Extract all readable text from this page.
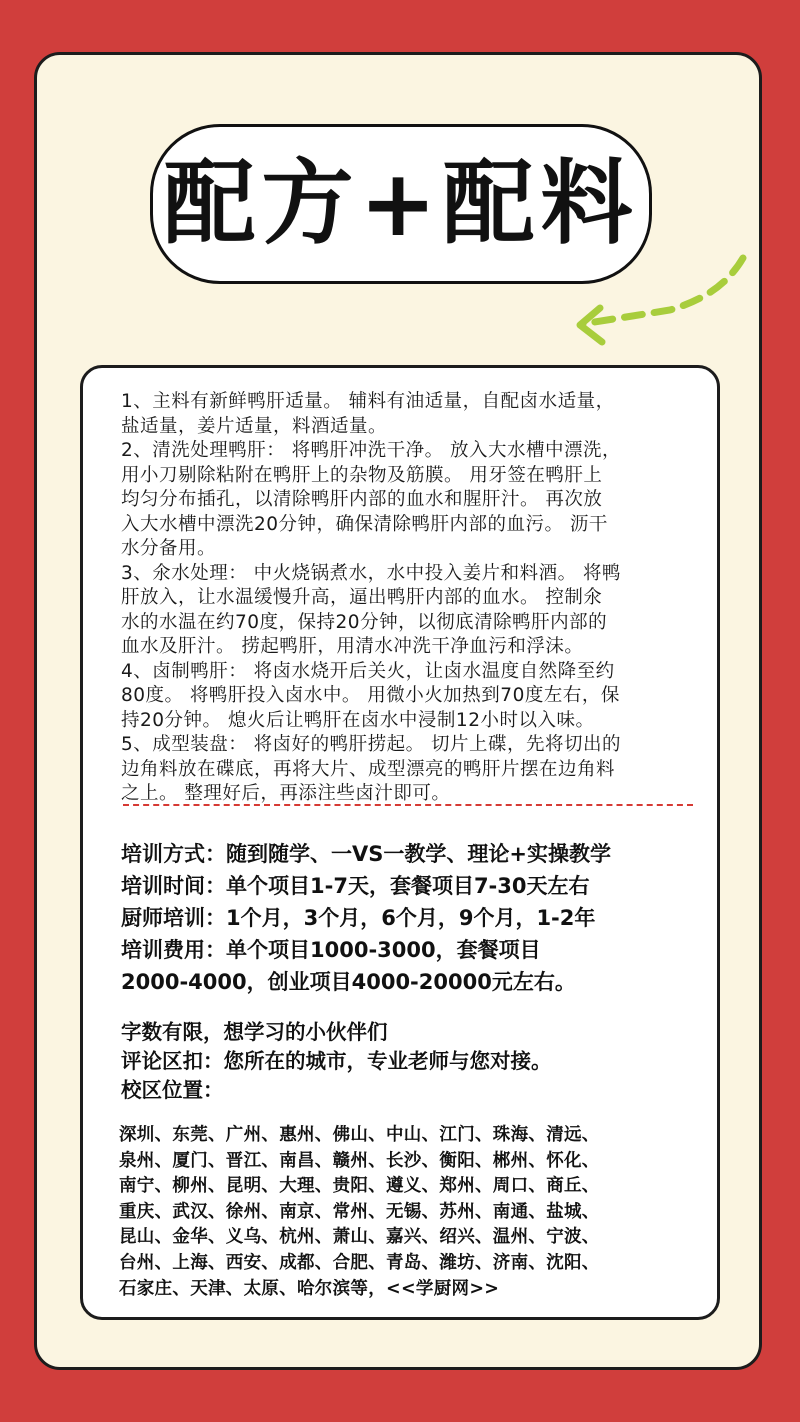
配方+配料
1、主料有新鲜鸭肝适量。 辅料有油适量，自配卤水适量，
盐适量，姜片适量，料酒适量。
2、清洗处理鸭肝： 将鸭肝冲洗干净。 放入大水槽中漂洗，
用小刀剔除粘附在鸭肝上的杂物及筋膜。 用牙签在鸭肝上
均匀分布插孔，以清除鸭肝内部的血水和腥肝汁。 再次放
入大水槽中漂洗20分钟，确保清除鸭肝内部的血污。 沥干
水分备用。
3、氽水处理： 中火烧锅煮水，水中投入姜片和料酒。 将鸭
肝放入，让水温缓慢升高，逼出鸭肝内部的血水。 控制氽
水的水温在约70度，保持20分钟，以彻底清除鸭肝内部的
血水及肝汁。 捞起鸭肝，用清水冲洗干净血污和浮沫。
4、卤制鸭肝： 将卤水烧开后关火，让卤水温度自然降至约
80度。 将鸭肝投入卤水中。 用微小火加热到70度左右，保
持20分钟。 熄火后让鸭肝在卤水中浸制12小时以入味。
5、成型装盘： 将卤好的鸭肝捞起。 切片上碟，先将切出的
边角料放在碟底，再将大片、成型漂亮的鸭肝片摆在边角料
之上。 整理好后，再添注些卤汁即可。
培训方式：随到随学、一VS一教学、理论+实操教学
培训时间：单个项目1-7天，套餐项目7-30天左右
厨师培训：1个月，3个月，6个月，9个月，1-2年
培训费用：单个项目1000-3000，套餐项目
2000-4000，创业项目4000-20000元左右。
字数有限，想学习的小伙伴们
评论区扣：您所在的城市，专业老师与您对接。
校区位置：
深圳、东莞、广州、惠州、佛山、中山、江门、珠海、清远、
泉州、厦门、晋江、南昌、赣州、长沙、衡阳、郴州、怀化、
南宁、柳州、昆明、大理、贵阳、遵义、郑州、周口、商丘、
重庆、武汉、徐州、南京、常州、无锡、苏州、南通、盐城、
昆山、金华、义乌、杭州、萧山、嘉兴、绍兴、温州、宁波、
台州、上海、西安、成都、合肥、青岛、潍坊、济南、沈阳、
石家庄、天津、太原、哈尔滨等，<<学厨网>>
